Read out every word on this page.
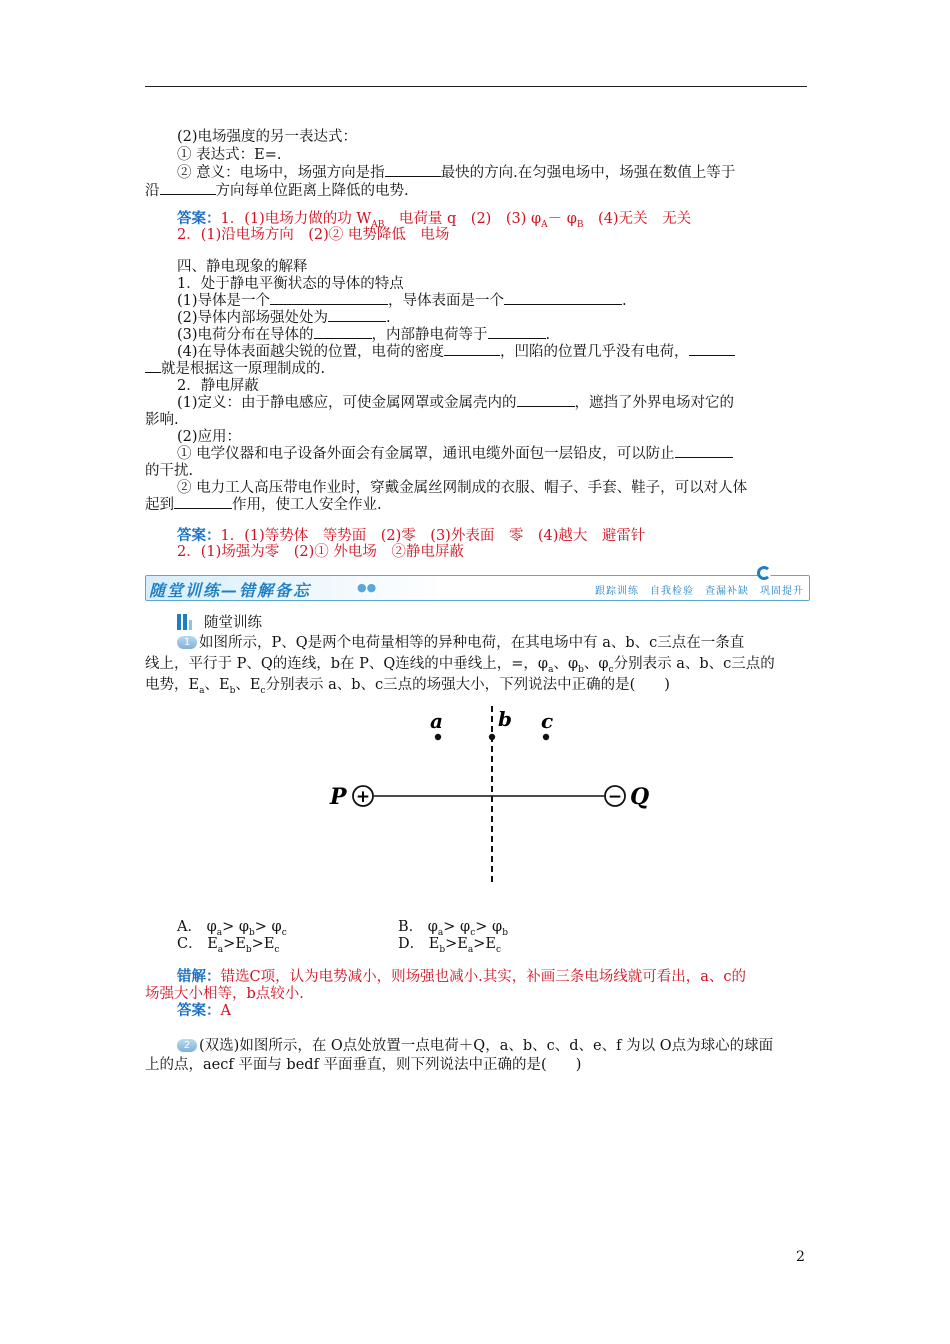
(2)电场强度的另一表达式：
① 表达式：E=.
② 意义：电场中，场强方向是指	最快的方向.在匀强电场中，场强在数值上等于
沿	方向每单位距离上降低的电势.
答案：1．(1)电场力做的功 $W_{AB}$　电荷量 q　(2)　(3) $\varphi_A- \varphi_B$　(4)无关　无关
2．(1)沿电场方向　(2)② 电势降低　电场
四、静电现象的解释
1．处于静电平衡状态的导体的特点
(1)导体是一个	，导体表面是一个	.
(2)导体内部场强处处为	.
(3)电荷分布在导体的	，内部静电荷等于	.
(4)在导体表面越尖锐的位置，电荷的密度	，凹陷的位置几乎没有电荷，
就是根据这一原理制成的.
2．静电屏蔽
(1)定义：由于静电感应，可使金属网罩或金属壳内的	，遮挡了外界电场对它的
影响.
(2)应用：
① 电学仪器和电子设备外面会有金属罩，通讯电缆外面包一层铅皮，可以防止
的干扰.
② 电力工人高压带电作业时，穿戴金属丝网制成的衣服、帽子、手套、鞋子，可以对人体
起到	作用，使工人安全作业.
答案：1．(1)等势体　等势面　(2)零　(3)外表面　零　(4)越大　避雷针
2．(1)场强为零　(2)① 外电场　②静电屏蔽
随堂训练—错解备忘	●●	跟踪训练　自我检验　查漏补缺　巩固提升
随堂训练
1 如图所示，P、Q是两个电荷量相等的异种电荷，在其电场中有 a、b、c三点在一条直
线上，平行于 P、Q的连线，b在 P、Q连线的中垂线上，=，$\varphi_a$、$\varphi_b$、$\varphi_c$分别表示 a、b、c三点的
电势，$E_a$、$E_b$、$E_c$分别表示 a、b、c三点的场强大小，下列说法中正确的是(　　)
a	b c
+	−
P	Q
A． $\varphi_a> \varphi_b> \varphi_c$	B． $\varphi_a> \varphi_c> \varphi_b$
C． $E_a>E_b>E_c$	D． $E_b>E_a>E_c$
错解：错选C项，认为电势减小，则场强也减小.其实，补画三条电场线就可看出，a、c的
场强大小相等，b点较小.
答案：A
2 (双选)如图所示，在 O点处放置一点电荷＋Q，a、b、c、d、e、f 为以 O点为球心的球面
上的点，aecf 平面与 bedf 平面垂直，则下列说法中正确的是(　　)
2
